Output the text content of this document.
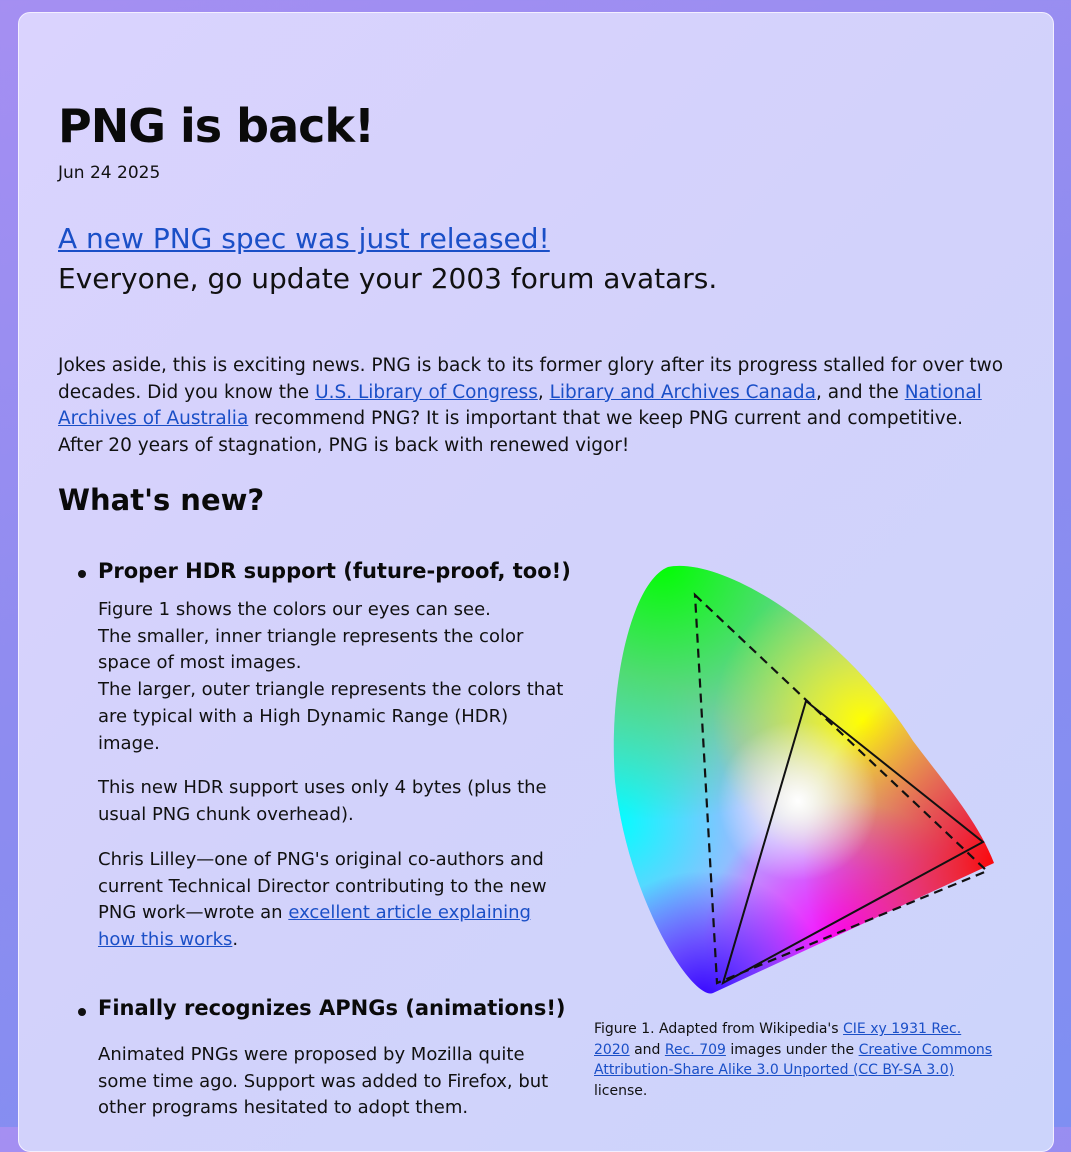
PNG is back!
Jun 24 2025
A new PNG spec was just released!
Everyone, go update your 2003 forum avatars.

Jokes aside, this is exciting news. PNG is back to its former glory after its progress stalled for over two decades. Did you know the U.S. Library of Congress, Library and Archives Canada, and the National Archives of Australia recommend PNG? It is important that we keep PNG current and competitive. After 20 years of stagnation, PNG is back with renewed vigor!

What's new?
Proper HDR support (future-proof, too!)

Figure 1 shows the colors our eyes can see.
The smaller, inner triangle represents the color space of most images.
The larger, outer triangle represents the colors that are typical with a High Dynamic Range (HDR) image.

This new HDR support uses only 4 bytes (plus the usual PNG chunk overhead).

Chris Lilley—one of PNG's original co-authors and current Technical Director contributing to the new PNG work—wrote an excellent article explaining how this works.

Finally recognizes APNGs (animations!)

Animated PNGs were proposed by Mozilla quite some time ago. Support was added to Firefox, but other programs hesitated to adopt them.

Figure 1. Adapted from Wikipedia's CIE xy 1931 Rec. 2020 and Rec. 709 images under the Creative Commons Attribution-Share Alike 3.0 Unported (CC BY-SA 3.0) license.
